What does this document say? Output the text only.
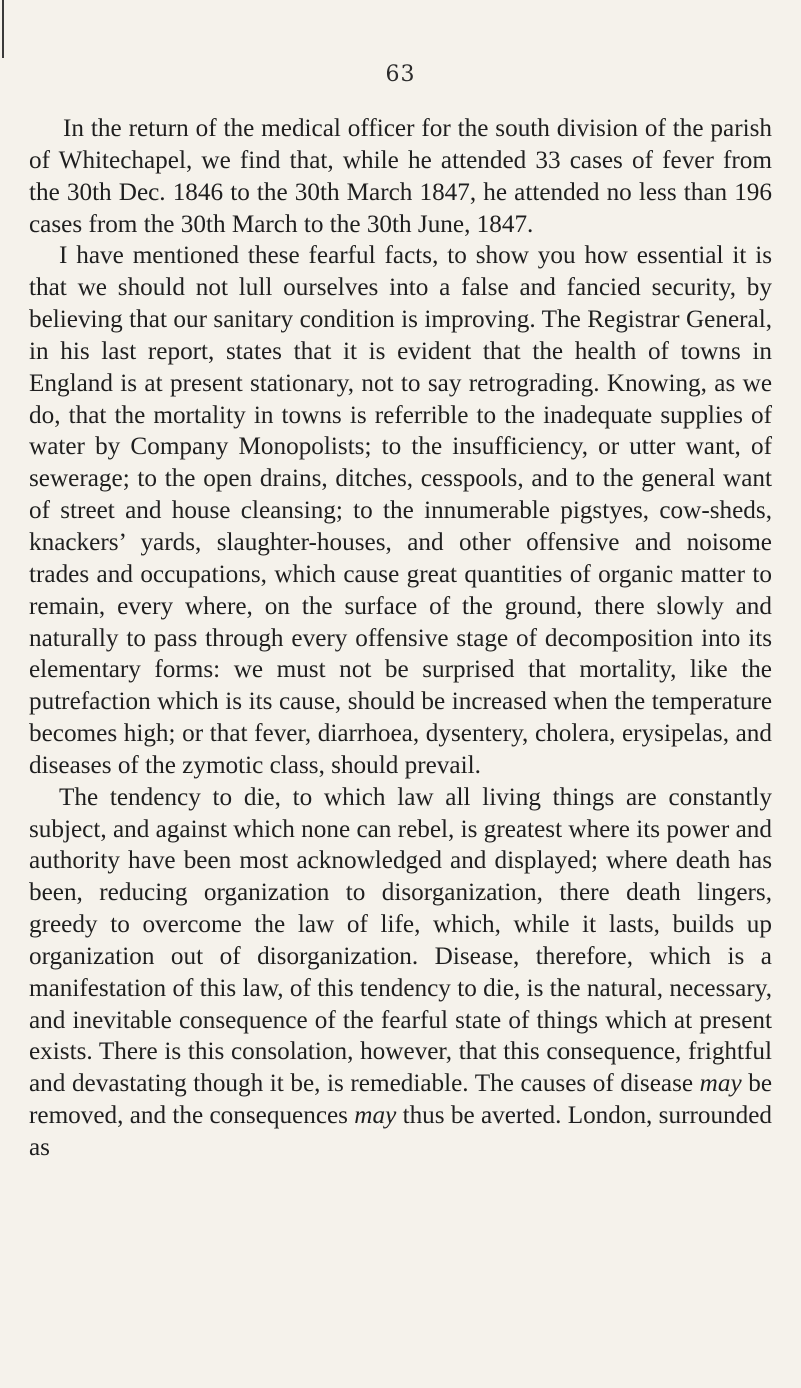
63

In the return of the medical officer for the south division of the parish of Whitechapel, we find that, while he attended 33 cases of fever from the 30th Dec. 1846 to the 30th March 1847, he attended no less than 196 cases from the 30th March to the 30th June, 1847.

I have mentioned these fearful facts, to show you how essential it is that we should not lull ourselves into a false and fancied security, by believing that our sanitary condition is improving. The Registrar General, in his last report, states that it is evident that the health of towns in England is at present stationary, not to say retrograding. Knowing, as we do, that the mortality in towns is referrible to the inadequate supplies of water by Company Monopolists; to the insufficiency, or utter want, of sewerage; to the open drains, ditches, cesspools, and to the general want of street and house cleansing; to the innumerable pigstyes, cow-sheds, knackers’ yards, slaughter-houses, and other offensive and noisome trades and occupations, which cause great quantities of organic matter to remain, every where, on the surface of the ground, there slowly and naturally to pass through every offensive stage of decomposition into its elementary forms: we must not be surprised that mortality, like the putrefaction which is its cause, should be increased when the temperature becomes high; or that fever, diarrhoea, dysentery, cholera, erysipelas, and diseases of the zymotic class, should prevail.

The tendency to die, to which law all living things are constantly subject, and against which none can rebel, is greatest where its power and authority have been most acknowledged and displayed; where death has been, reducing organization to disorganization, there death lingers, greedy to overcome the law of life, which, while it lasts, builds up organization out of disorganization. Disease, therefore, which is a manifestation of this law, of this tendency to die, is the natural, necessary, and inevitable consequence of the fearful state of things which at present exists. There is this consolation, however, that this consequence, frightful and devastating though it be, is remediable. The causes of disease may be removed, and the consequences may thus be averted. London, surrounded as
